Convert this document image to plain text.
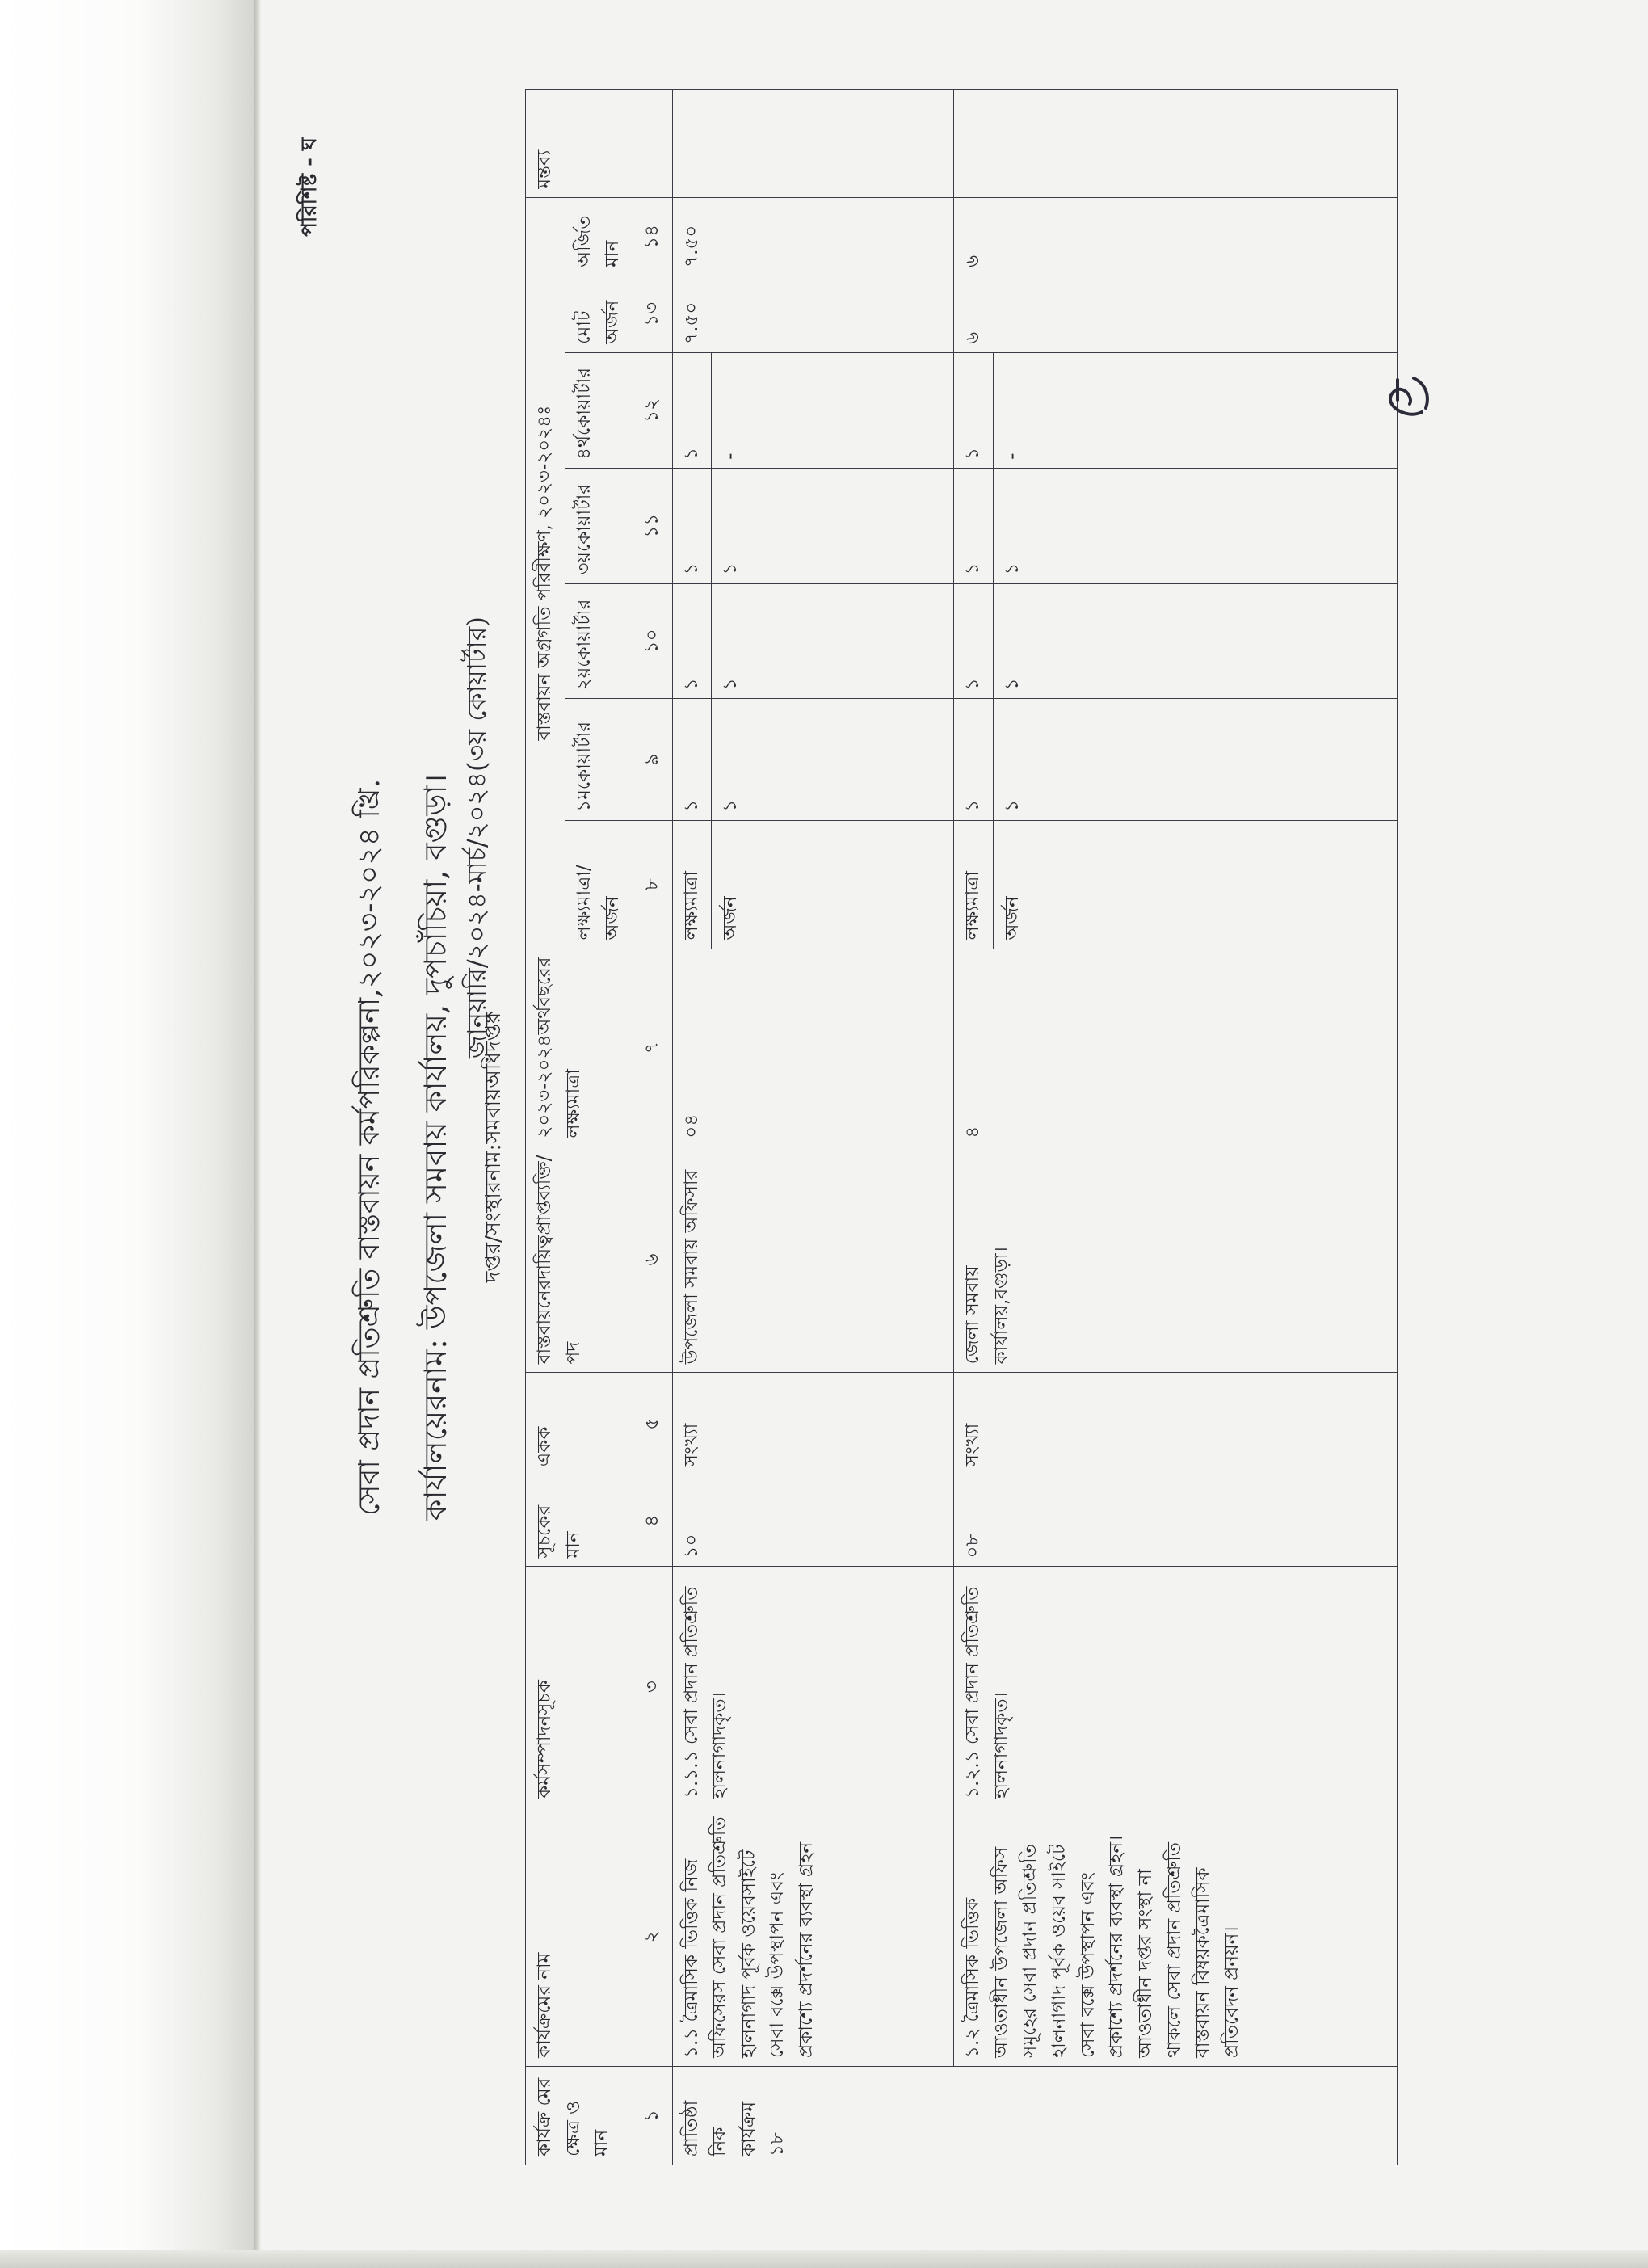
পরিশিষ্ট - ঘ
সেবা প্রদান প্রতিশ্রুতি বাস্তবায়ন কর্মপরিকল্পনা,২০২৩-২০২৪ খ্রি.	কার্যালয়েরনাম: উপজেলা সমবায় কার্যালয়, দুপচাঁচিয়া, বগুড়া। জানুয়ারি/২০২৪-মার্চ/২০২৪(৩য় কোয়ার্টার)
দপ্তর/সংস্থারনাম:সমবায়অধিদপ্তর
কার্যক্র মের ক্ষেত্র ও মান	কার্যক্রমের নাম	কর্মসম্পাদনসূচক	সূচকের মান	একক	বাস্তবায়নেরদায়িত্বপ্রাপ্তব্যক্তি/পদ	২০২৩-২০২৪অর্থবছরের লক্ষ্যমাত্রা	বাস্তবায়ন অগ্রগতি পরিবীক্ষণ, ২০২৩-২০২৪ঃ							মন্তব্য
							লক্ষ্যমাত্রা/অর্জন	১মকোয়ার্টার	২য়কোয়ার্টার	৩য়কোয়ার্টার	৪র্থকোয়ার্টার	মোট অর্জন	অর্জিত মান	
১	২	৩	৪	৫	৬	৭	৮	৯	১০	১১	১২	১৩	১৪	

প্রাতিষ্ঠা নিক কার্যক্রম ১৮	১.১ ত্রৈমাসিক ভিত্তিক নিজ অফিসেরস সেবা প্রদান প্রতিশ্রুতি হালনাগাদ পূর্বক ওয়েবসাইটে সেবা বক্সে উপস্থাপন এবং প্রকাশ্যে প্রদর্শনের ব্যবস্থা গ্রহন	১.১.১ সেবা প্রদান প্রতিশ্রুতি হালনাগাদকৃত।	১০	সংখ্যা	উপজেলা সমবায় অফিসার	০৪	লক্ষ্যমাত্রা	১	১	১	১	৭.৫০	৭.৫০	
							অর্জন	১	১	১	-			
	১.২ ত্রৈমাসিক ভিত্তিক আওতাধীন উপজেলা অফিস সমূহের সেবা প্রদান প্রতিশ্রুতি হালনাগাদ পূর্বক ওয়েব সাইটে সেবা বক্সে উপস্থাপন এবং প্রকাশ্যে প্রদর্শনের ব্যবস্থা গ্রহন।আওতাধীন দপ্তর সংস্থা না থাকলে সেবা প্রদান প্রতিশ্রুতি বাস্তবায়ন বিষয়কত্রৈমাসিক প্রতিবেদন প্রনয়ন।	১.২.১ সেবা প্রদান প্রতিশ্রুতি হালনাগাদকৃত।	০৮	সংখ্যা	জেলা সমবায় কার্যালয়,বগুড়া।	৪	লক্ষ্যমাত্রা	১	১	১	১	৬	৬	
							অর্জন	১	১	১	-			
